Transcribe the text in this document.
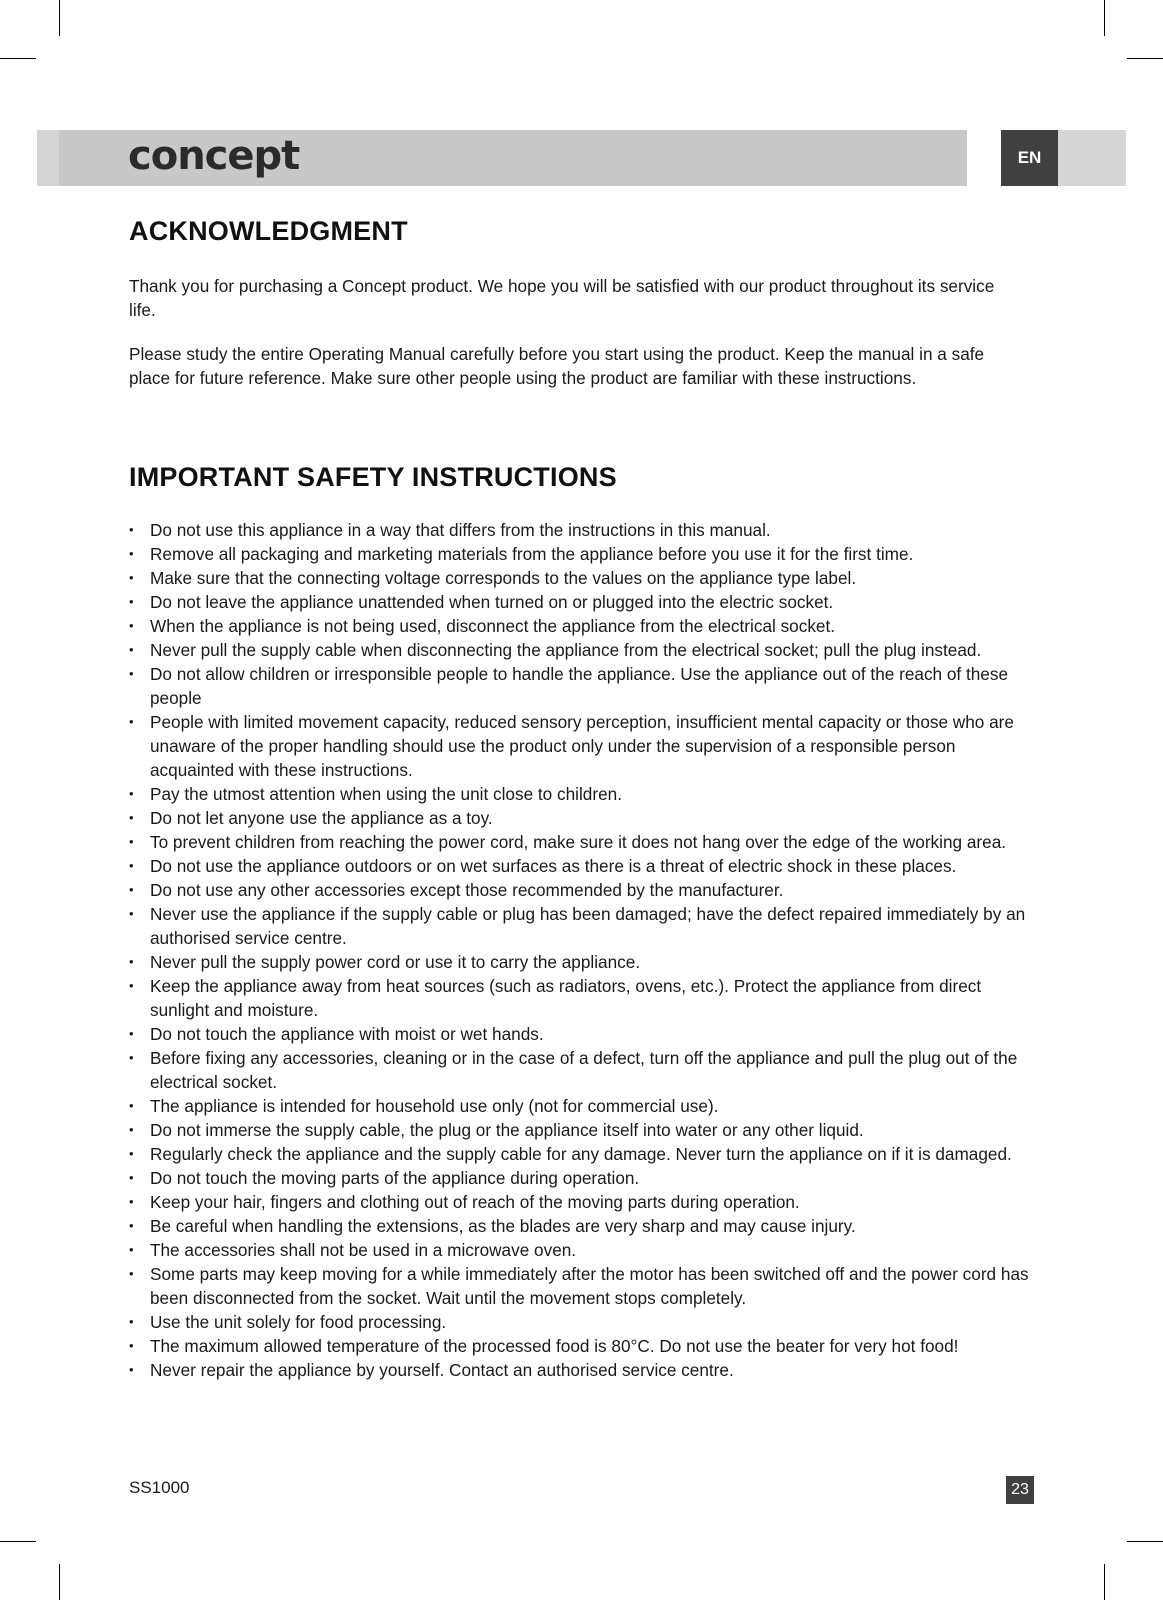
concept	EN
ACKNOWLEDGMENT

Thank you for purchasing a Concept product. We hope you will be satisfied with our product throughout its service life.

Please study the entire Operating Manual carefully before you start using the product. Keep the manual in a safe place for future reference. Make sure other people using the product are familiar with these instructions.

IMPORTANT SAFETY INSTRUCTIONS
• Do not use this appliance in a way that differs from the instructions in this manual.
• Remove all packaging and marketing materials from the appliance before you use it for the first time.
• Make sure that the connecting voltage corresponds to the values on the appliance type label.
• Do not leave the appliance unattended when turned on or plugged into the electric socket.
• When the appliance is not being used, disconnect the appliance from the electrical socket.
• Never pull the supply cable when disconnecting the appliance from the electrical socket; pull the plug instead.
• Do not allow children or irresponsible people to handle the appliance. Use the appliance out of the reach of these people
• People with limited movement capacity, reduced sensory perception, insufficient mental capacity or those who are unaware of the proper handling should use the product only under the supervision of a responsible person acquainted with these instructions.
• Pay the utmost attention when using the unit close to children.
• Do not let anyone use the appliance as a toy.
• To prevent children from reaching the power cord, make sure it does not hang over the edge of the working area.
• Do not use the appliance outdoors or on wet surfaces as there is a threat of electric shock in these places.
• Do not use any other accessories except those recommended by the manufacturer.
• Never use the appliance if the supply cable or plug has been damaged; have the defect repaired immediately by an authorised service centre.
• Never pull the supply power cord or use it to carry the appliance.
• Keep the appliance away from heat sources (such as radiators, ovens, etc.). Protect the appliance from direct sunlight and moisture.
• Do not touch the appliance with moist or wet hands.
• Before fixing any accessories, cleaning or in the case of a defect, turn off the appliance and pull the plug out of the electrical socket.
• The appliance is intended for household use only (not for commercial use).
• Do not immerse the supply cable, the plug or the appliance itself into water or any other liquid.
• Regularly check the appliance and the supply cable for any damage. Never turn the appliance on if it is damaged.
• Do not touch the moving parts of the appliance during operation.
• Keep your hair, fingers and clothing out of reach of the moving parts during operation.
• Be careful when handling the extensions, as the blades are very sharp and may cause injury.
• The accessories shall not be used in a microwave oven.
• Some parts may keep moving for a while immediately after the motor has been switched off and the power cord has been disconnected from the socket. Wait until the movement stops completely.
• Use the unit solely for food processing.
• The maximum allowed temperature of the processed food is 80°C. Do not use the beater for very hot food!
• Never repair the appliance by yourself. Contact an authorised service centre.
SS1000	23
